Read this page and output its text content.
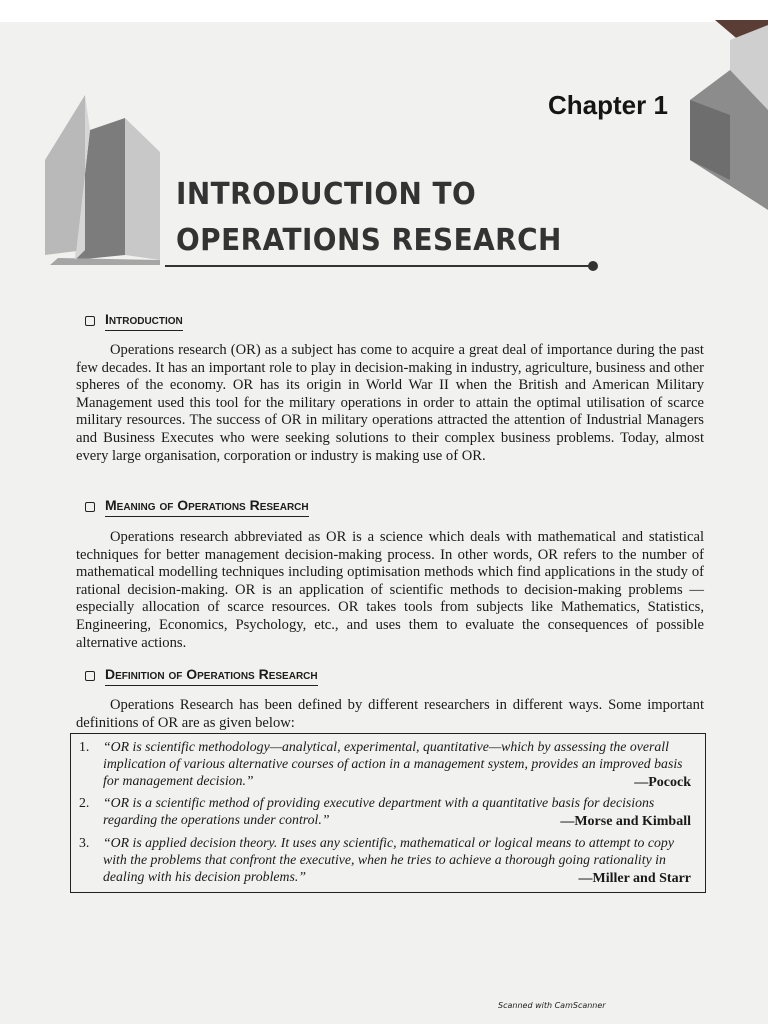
Chapter 1
INTRODUCTION TO
OPERATIONS RESEARCH
Introduction

Operations research (OR) as a subject has come to acquire a great deal of importance during the past few decades. It has an important role to play in decision-making in industry, agriculture, business and other spheres of the economy. OR has its origin in World War II when the British and American Military Management used this tool for the military operations in order to attain the optimal utilisation of scarce military resources. The success of OR in military operations attracted the attention of Industrial Managers and Business Executes who were seeking solutions to their complex business problems. Today, almost every large organisation, corporation or industry is making use of OR.

Meaning of Operations Research

Operations research abbreviated as OR is a science which deals with mathematical and statistical techniques for better management decision-making process. In other words, OR refers to the number of mathematical modelling techniques including optimisation methods which find applications in the study of rational decision-making. OR is an application of scientific methods to decision-making problems — especially allocation of scarce resources. OR takes tools from subjects like Mathematics, Statistics, Engineering, Economics, Psychology, etc., and uses them to evaluate the consequences of possible alternative actions.

Definition of Operations Research

Operations Research has been defined by different researchers in different ways. Some important definitions of OR are as given below:

1. “OR is scientific methodology—analytical, experimental, quantitative—which by assessing the overall implication of various alternative courses of action in a management system, provides an improved basis for management decision.”	—Pocock
2. “OR is a scientific method of providing executive department with a quantitative basis for decisions regarding the operations under control.”	—Morse and Kimball
3. “OR is applied decision theory. It uses any scientific, mathematical or logical means to attempt to copy with the problems that confront the executive, when he tries to achieve a thorough going rationality in dealing with his decision problems.”	—Miller and Starr
Scanned with CamScanner
